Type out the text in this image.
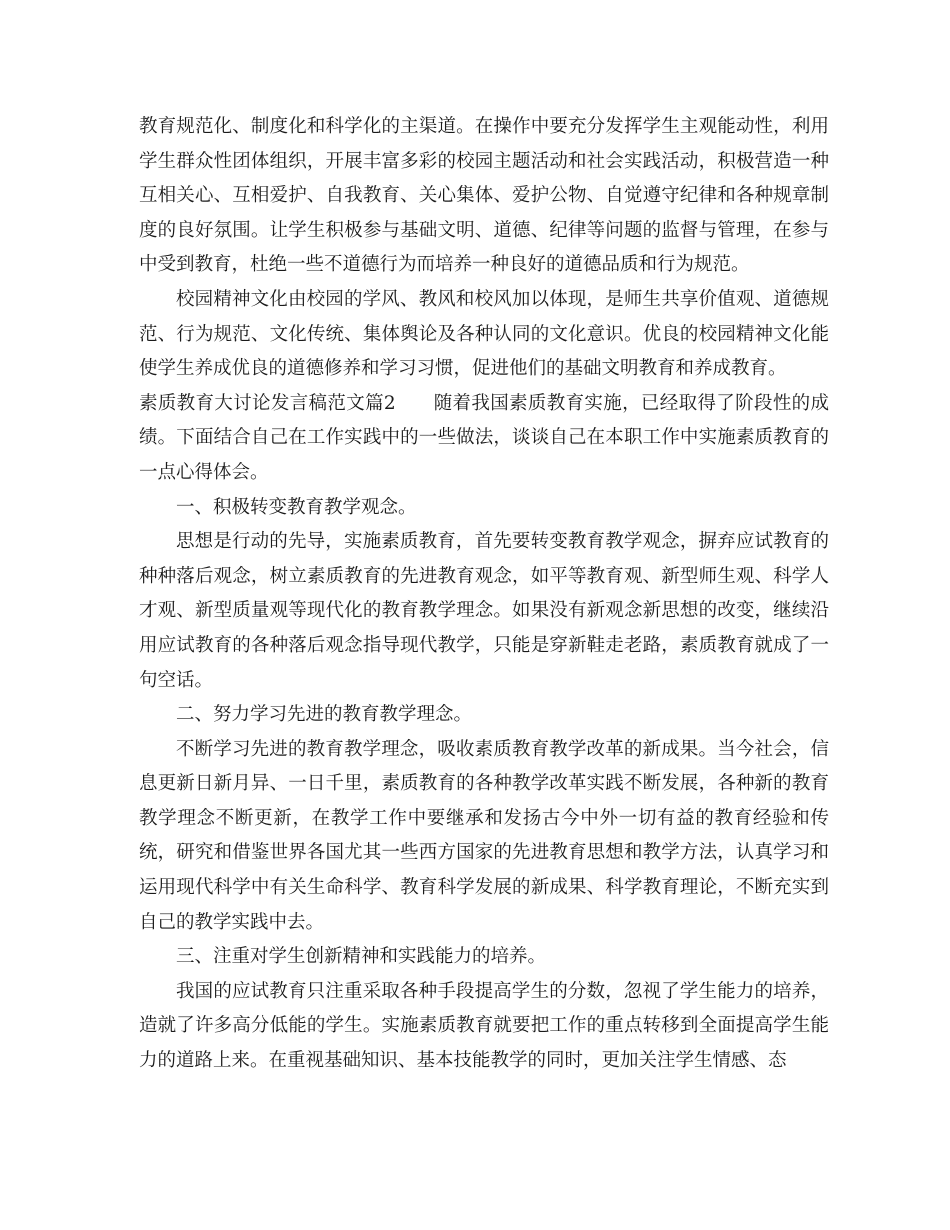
教育规范化、制度化和科学化的主渠道。在操作中要充分发挥学生主观能动性，利用学生群众性团体组织，开展丰富多彩的校园主题活动和社会实践活动，积极营造一种互相关心、互相爱护、自我教育、关心集体、爱护公物、自觉遵守纪律和各种规章制度的良好氛围。让学生积极参与基础文明、道德、纪律等问题的监督与管理，在参与中受到教育，杜绝一些不道德行为而培养一种良好的道德品质和行为规范。

校园精神文化由校园的学风、教风和校风加以体现，是师生共享价值观、道德规范、行为规范、文化传统、集体舆论及各种认同的文化意识。优良的校园精神文化能使学生养成优良的道德修养和学习习惯，促进他们的基础文明教育和养成教育。

素质教育大讨论发言稿范文篇2　　随着我国素质教育实施，已经取得了阶段性的成绩。下面结合自己在工作实践中的一些做法，谈谈自己在本职工作中实施素质教育的一点心得体会。

一、积极转变教育教学观念。

思想是行动的先导，实施素质教育，首先要转变教育教学观念，摒弃应试教育的种种落后观念，树立素质教育的先进教育观念，如平等教育观、新型师生观、科学人才观、新型质量观等现代化的教育教学理念。如果没有新观念新思想的改变，继续沿用应试教育的各种落后观念指导现代教学，只能是穿新鞋走老路，素质教育就成了一句空话。

二、努力学习先进的教育教学理念。

不断学习先进的教育教学理念，吸收素质教育教学改革的新成果。当今社会，信息更新日新月异、一日千里，素质教育的各种教学改革实践不断发展，各种新的教育教学理念不断更新，在教学工作中要继承和发扬古今中外一切有益的教育经验和传统，研究和借鉴世界各国尤其一些西方国家的先进教育思想和教学方法，认真学习和运用现代科学中有关生命科学、教育科学发展的新成果、科学教育理论，不断充实到自己的教学实践中去。

三、注重对学生创新精神和实践能力的培养。

我国的应试教育只注重采取各种手段提高学生的分数，忽视了学生能力的培养，造就了许多高分低能的学生。实施素质教育就要把工作的重点转移到全面提高学生能力的道路上来。在重视基础知识、基本技能教学的同时，更加关注学生情感、态
